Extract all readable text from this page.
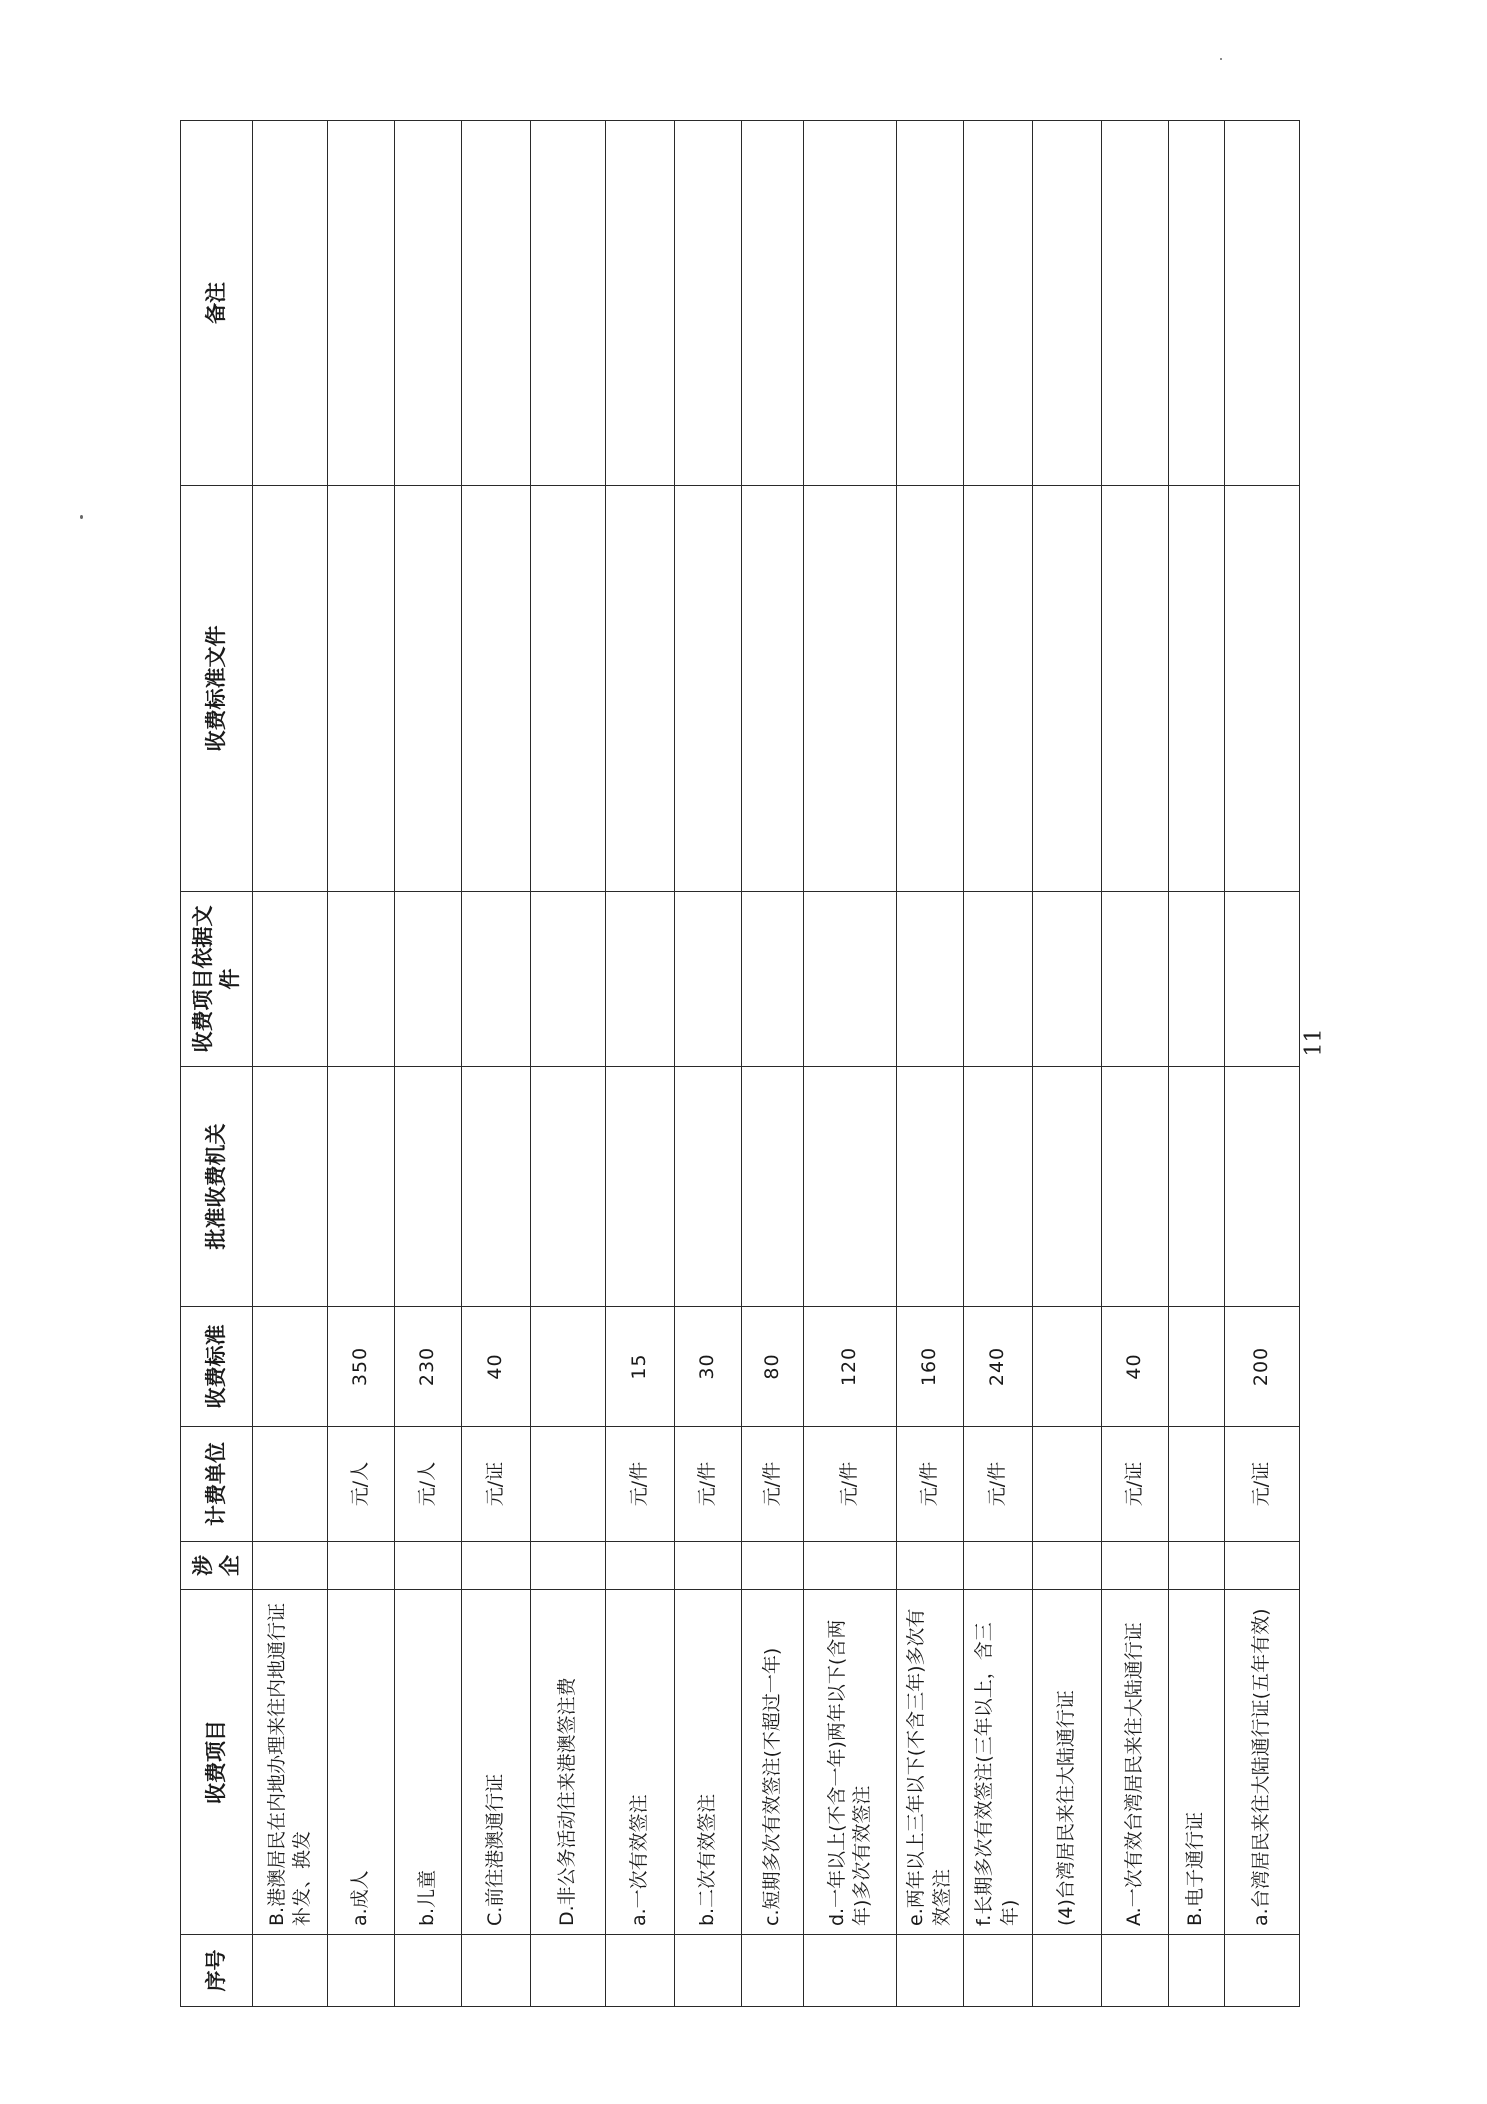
序号	收费项目	涉企	计费单位	收费标准	批准收费机关	收费项目依据文件	收费标准文件	备注
	B.港澳居民在内地办理来往内地通行证补发、换发							
	a.成人		元/人	350				
	b.儿童		元/人	230				
	C.前往港澳通行证		元/证	40				
	D.非公务活动往来港澳签注费							
	a.一次有效签注		元/件	15				
	b.二次有效签注		元/件	30				
	c.短期多次有效签注(不超过一年)		元/件	80				
	d.一年以上(不含一年)两年以下(含两年)多次有效签注		元/件	120				
	e.两年以上三年以下(不含三年)多次有效签注		元/件	160				
	f.长期多次有效签注(三年以上，含三年)		元/件	240				
	(4)台湾居民来往大陆通行证							
	A.一次有效台湾居民来往大陆通行证		元/证	40				
	B.电子通行证							
	a.台湾居民来往大陆通行证(五年有效)		元/证	200				
11
